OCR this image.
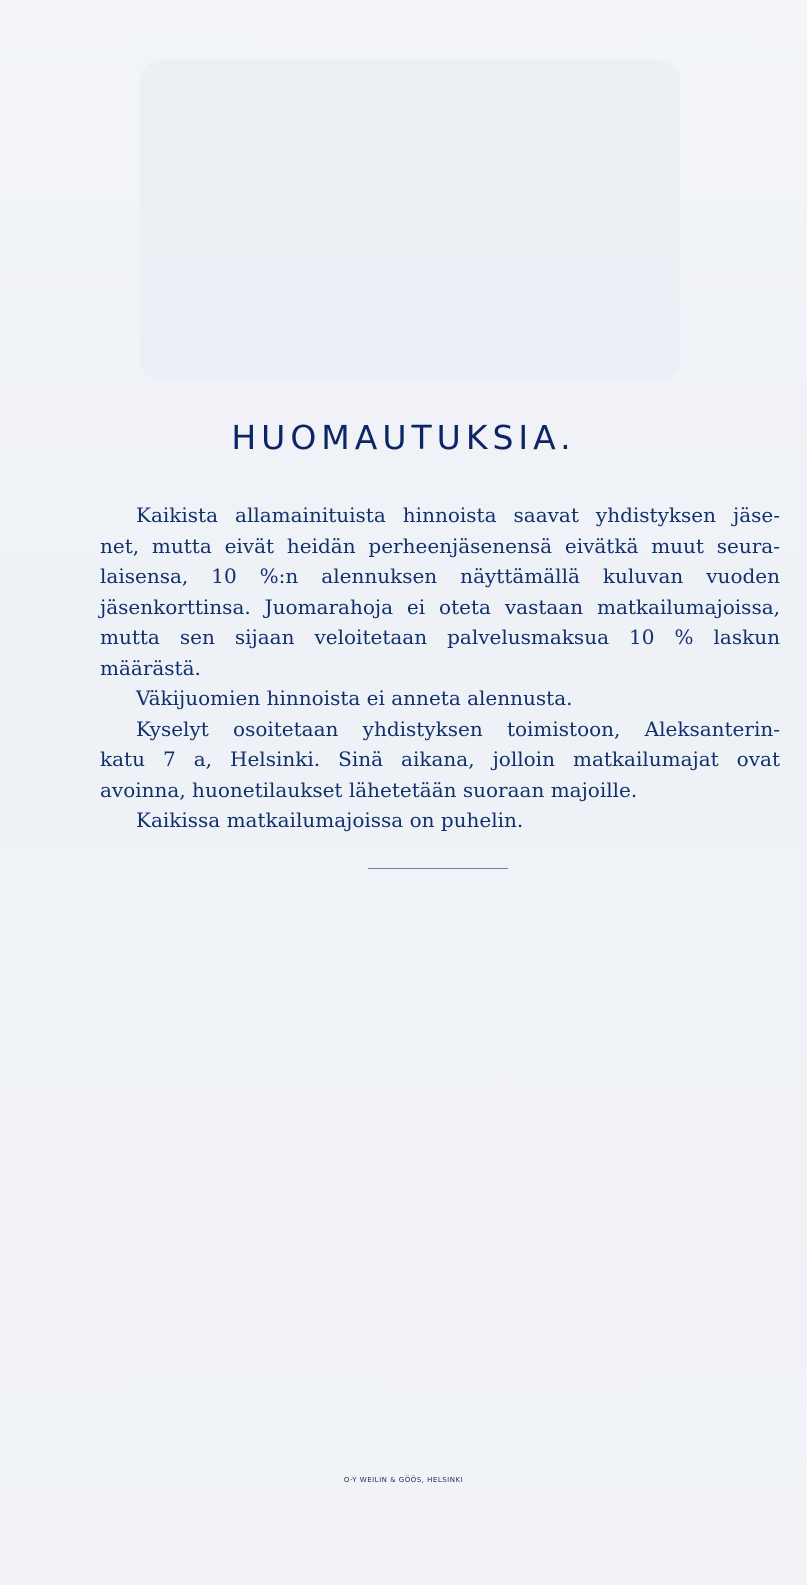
HUOMAUTUKSIA.
Kaikista allamainituista hinnoista saavat yhdistyksen jäse-
net, mutta eivät heidän perheenjäsenensä eivätkä muut seura-
laisensa, 10 %:n alennuksen näyttämällä kuluvan vuoden
jäsenkorttinsa. Juomarahoja ei oteta vastaan matkailumajoissa,
mutta sen sijaan veloitetaan palvelusmaksua 10 % laskun
määrästä.
Väkijuomien hinnoista ei anneta alennusta.
Kyselyt osoitetaan yhdistyksen toimistoon, Aleksanterin-
katu 7 a, Helsinki. Sinä aikana, jolloin matkailumajat ovat
avoinna, huonetilaukset lähetetään suoraan majoille.
Kaikissa matkailumajoissa on puhelin.
O-Y WEILIN & GÖÖS, HELSINKI
